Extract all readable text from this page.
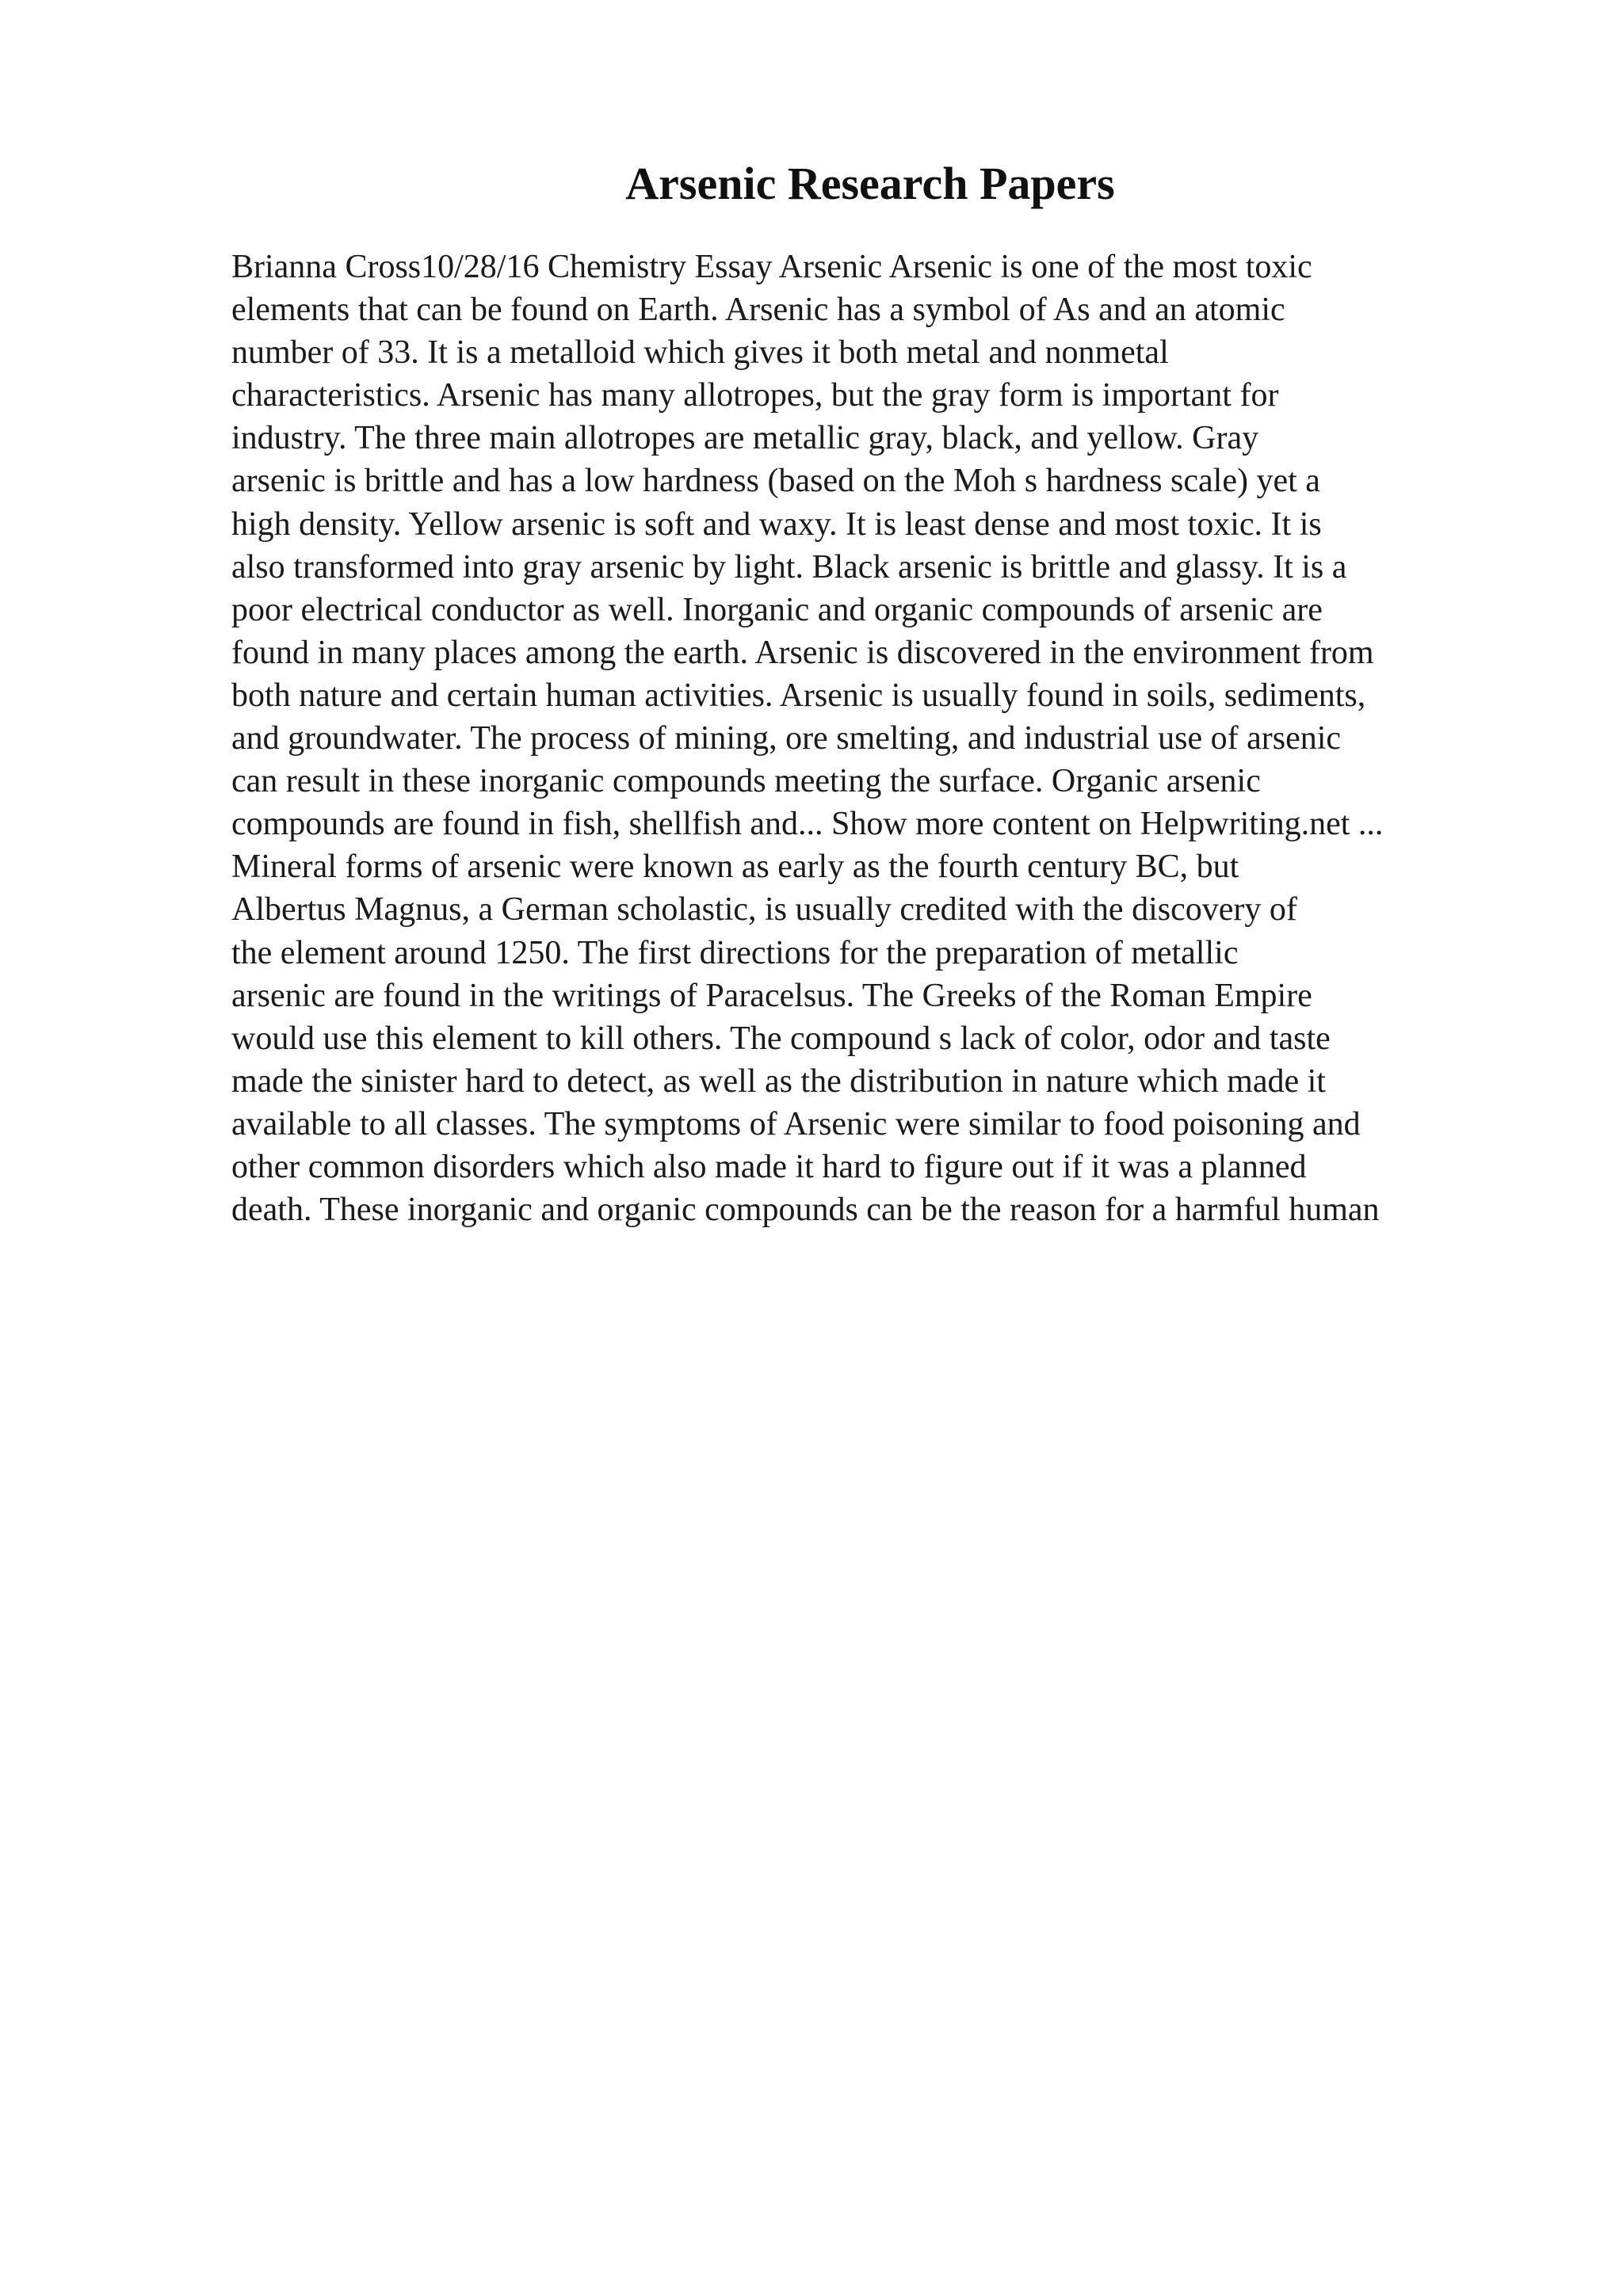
Arsenic Research Papers
Brianna Cross10/28/16 Chemistry Essay Arsenic Arsenic is one of the most toxic
elements that can be found on Earth. Arsenic has a symbol of As and an atomic
number of 33. It is a metalloid which gives it both metal and nonmetal
characteristics. Arsenic has many allotropes, but the gray form is important for
industry. The three main allotropes are metallic gray, black, and yellow. Gray
arsenic is brittle and has a low hardness (based on the Moh s hardness scale) yet a
high density. Yellow arsenic is soft and waxy. It is least dense and most toxic. It is
also transformed into gray arsenic by light. Black arsenic is brittle and glassy. It is a
poor electrical conductor as well. Inorganic and organic compounds of arsenic are
found in many places among the earth. Arsenic is discovered in the environment from
both nature and certain human activities. Arsenic is usually found in soils, sediments,
and groundwater. The process of mining, ore smelting, and industrial use of arsenic
can result in these inorganic compounds meeting the surface. Organic arsenic
compounds are found in fish, shellfish and... Show more content on Helpwriting.net ...
Mineral forms of arsenic were known as early as the fourth century BC, but
Albertus Magnus, a German scholastic, is usually credited with the discovery of
the element around 1250. The first directions for the preparation of metallic
arsenic are found in the writings of Paracelsus. The Greeks of the Roman Empire
would use this element to kill others. The compound s lack of color, odor and taste
made the sinister hard to detect, as well as the distribution in nature which made it
available to all classes. The symptoms of Arsenic were similar to food poisoning and
other common disorders which also made it hard to figure out if it was a planned
death. These inorganic and organic compounds can be the reason for a harmful human
